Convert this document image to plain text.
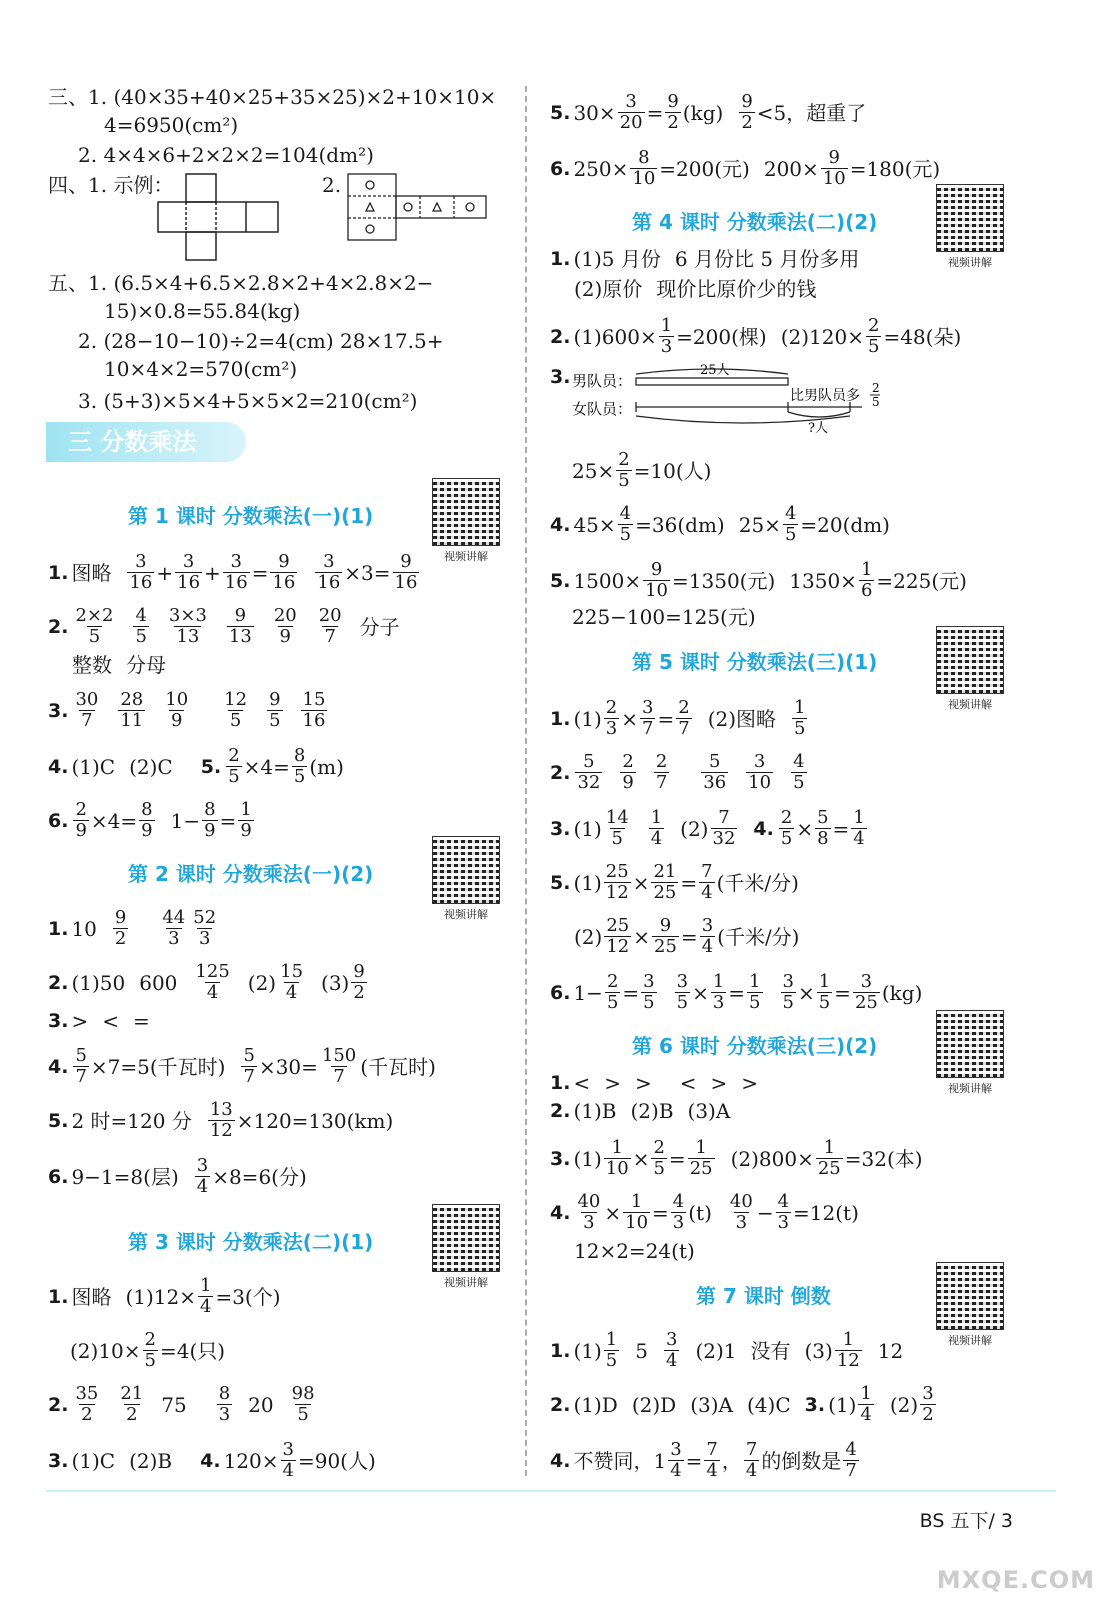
三、1. (40×35+40×25+35×25)×2+10×10×
4=6950(cm²)
2. 4×4×6+2×2×2=104(dm²)
四、1. 示例：	2.
五、1. (6.5×4+6.5×2.8×2+4×2.8×2−
15)×0.8=55.84(kg)
2. (28−10−10)÷2=4(cm) 28×17.5+
10×4×2=570(cm²)
3. (5+3)×5×4+5×5×2=210(cm²)
三 分数乘法
第 1 课时 分数乘法(一)(1)
视频讲解
1. 图略 3
16 + 3
16 + 3
16 = 9
16
3
16 ×3= 9
16
2. 2×2
5
4
5
3×3
13
9
13
20
9
20
7 分子
整数 分母
3. 30
7
28
11
10
9
12
5
9
5
15
16
4. (1)C (2)C 5. 2
5 ×4= 8
5 (m)
6. 2
9 ×4= 8
9 1− 8
9 = 1
9
第 2 课时 分数乘法(一)(2)
视频讲解
1. 10 9
2
44
3
52
3
2. (1)50 600 125
4 (2) 15
4 (3) 9
2
3. > < =
4. 5
7 ×7=5(千瓦时) 5
7 ×30= 150
7 (千瓦时)
5. 2 时=120 分 13
12 ×120=130(km)
6. 9−1=8(层) 3
4 ×8=6(分)
第 3 课时 分数乘法(二)(1)
视频讲解
1. 图略 (1)12× 1
4 =3(个)
(2)10× 2
5 =4(只)
2. 35
2
21
2 75 8
3 20 98
5
3. (1)C (2)B 4. 120× 3
4 =90(人)
5. 30× 3
20 = 9
2 (kg) 9
2 <5，超重了
6. 250× 8
10 =200(元) 200× 9
10 =180(元)
第 4 课时 分数乘法(二)(2)
视频讲解
1. (1)5 月份 6 月份比 5 月份多用
(2)原价 现价比原价少的钱
2. (1)600× 1
3 =200(棵) (2)120× 2
5 =48(朵)
3.	25人
男队员：
女队员：
比男队员多 2
5
?人
25× 2
5 =10(人)
4. 45× 4
5 =36(dm) 25× 4
5 =20(dm)
5. 1500× 9
10 =1350(元) 1350× 1
6 =225(元)
225−100=125(元)
第 5 课时 分数乘法(三)(1)
视频讲解
1. (1) 2
3 × 3
7 = 2
7 (2)图略 1
5
2. 5
32
2
9
2
7
5
36
3
10
4
5
3. (1) 14
5
1
4 (2) 7
32 4. 2
5 × 5
8 = 1
4
5. (1) 25
12 × 21
25 = 7
4 (千米/分)
(2) 25
12 × 9
25 = 3
4 (千米/分)
6. 1− 2
5 = 3
5
3
5 × 1
3 = 1
5
3
5 × 1
5 = 3
25 (kg)
第 6 课时 分数乘法(三)(2)
视频讲解
1. < > > < > >
2. (1)B (2)B (3)A
3. (1) 1
10 × 2
5 = 1
25 (2)800× 1
25 =32(本)
4. 40
3 × 1
10 = 4
3 (t) 40
3 − 4
3 =12(t)
12×2=24(t)
第 7 课时 倒数
视频讲解
1. (1) 1
5 5 3
4 (2)1 没有 (3) 1
12 12
2. (1)D (2)D (3)A (4)C 3. (1) 1
4 (2) 3
2
4. 不赞同，1 3
4 = 7
4 ， 7
4 的倒数是 4
7
BS 五下/ 3
MXQE.COM
